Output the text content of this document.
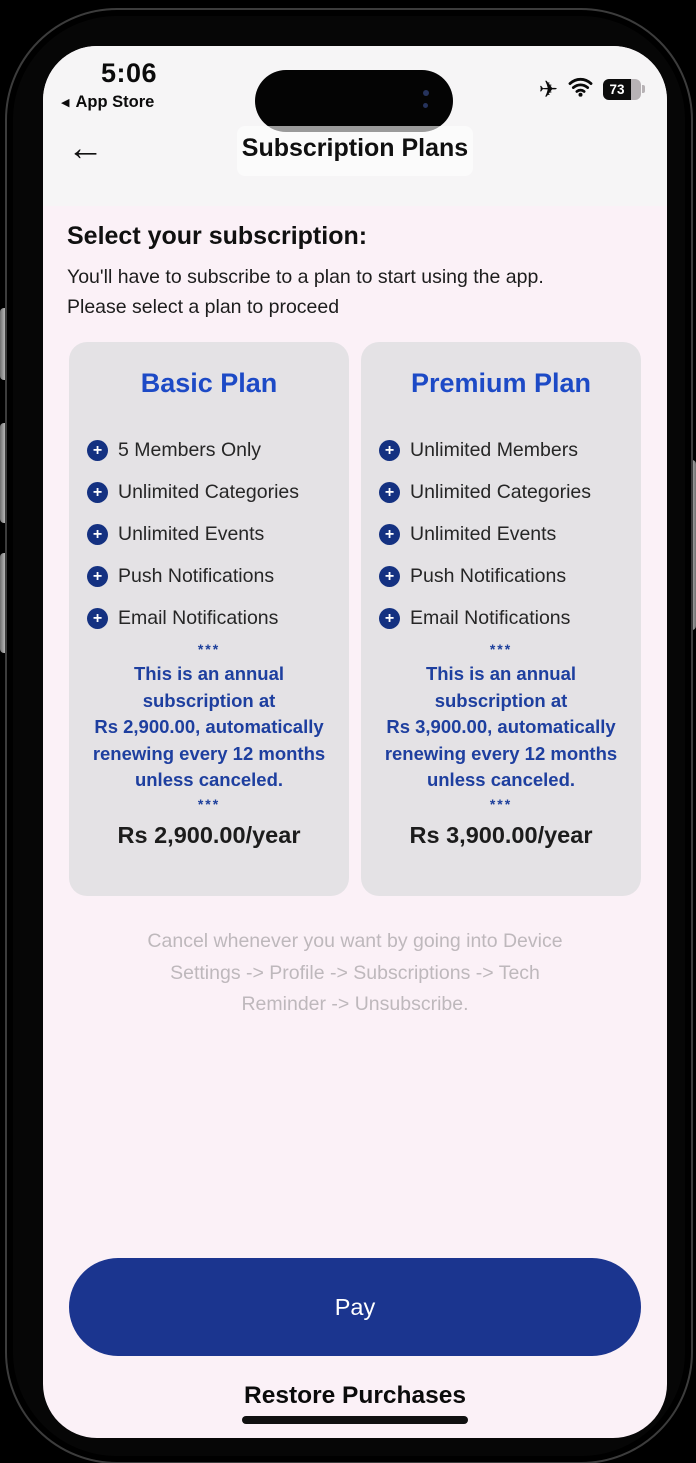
5:06
◀ App Store
✈	73
←	Subscription Plans
Select your subscription:
You'll have to subscribe to a plan to start using the app.
Please select a plan to proceed
Basic Plan
+ 5 Members Only
+ Unlimited Categories
+ Unlimited Events
+ Push Notifications
+ Email Notifications
***
This is an annual
subscription at
Rs 2,900.00, automatically
renewing every 12 months
unless canceled.
***
Rs 2,900.00/year
Premium Plan
+ Unlimited Members
+ Unlimited Categories
+ Unlimited Events
+ Push Notifications
+ Email Notifications
***
This is an annual
subscription at
Rs 3,900.00, automatically
renewing every 12 months
unless canceled.
***
Rs 3,900.00/year
Cancel whenever you want by going into Device
Settings -> Profile -> Subscriptions -> Tech
Reminder -> Unsubscribe.
Pay
Restore Purchases
